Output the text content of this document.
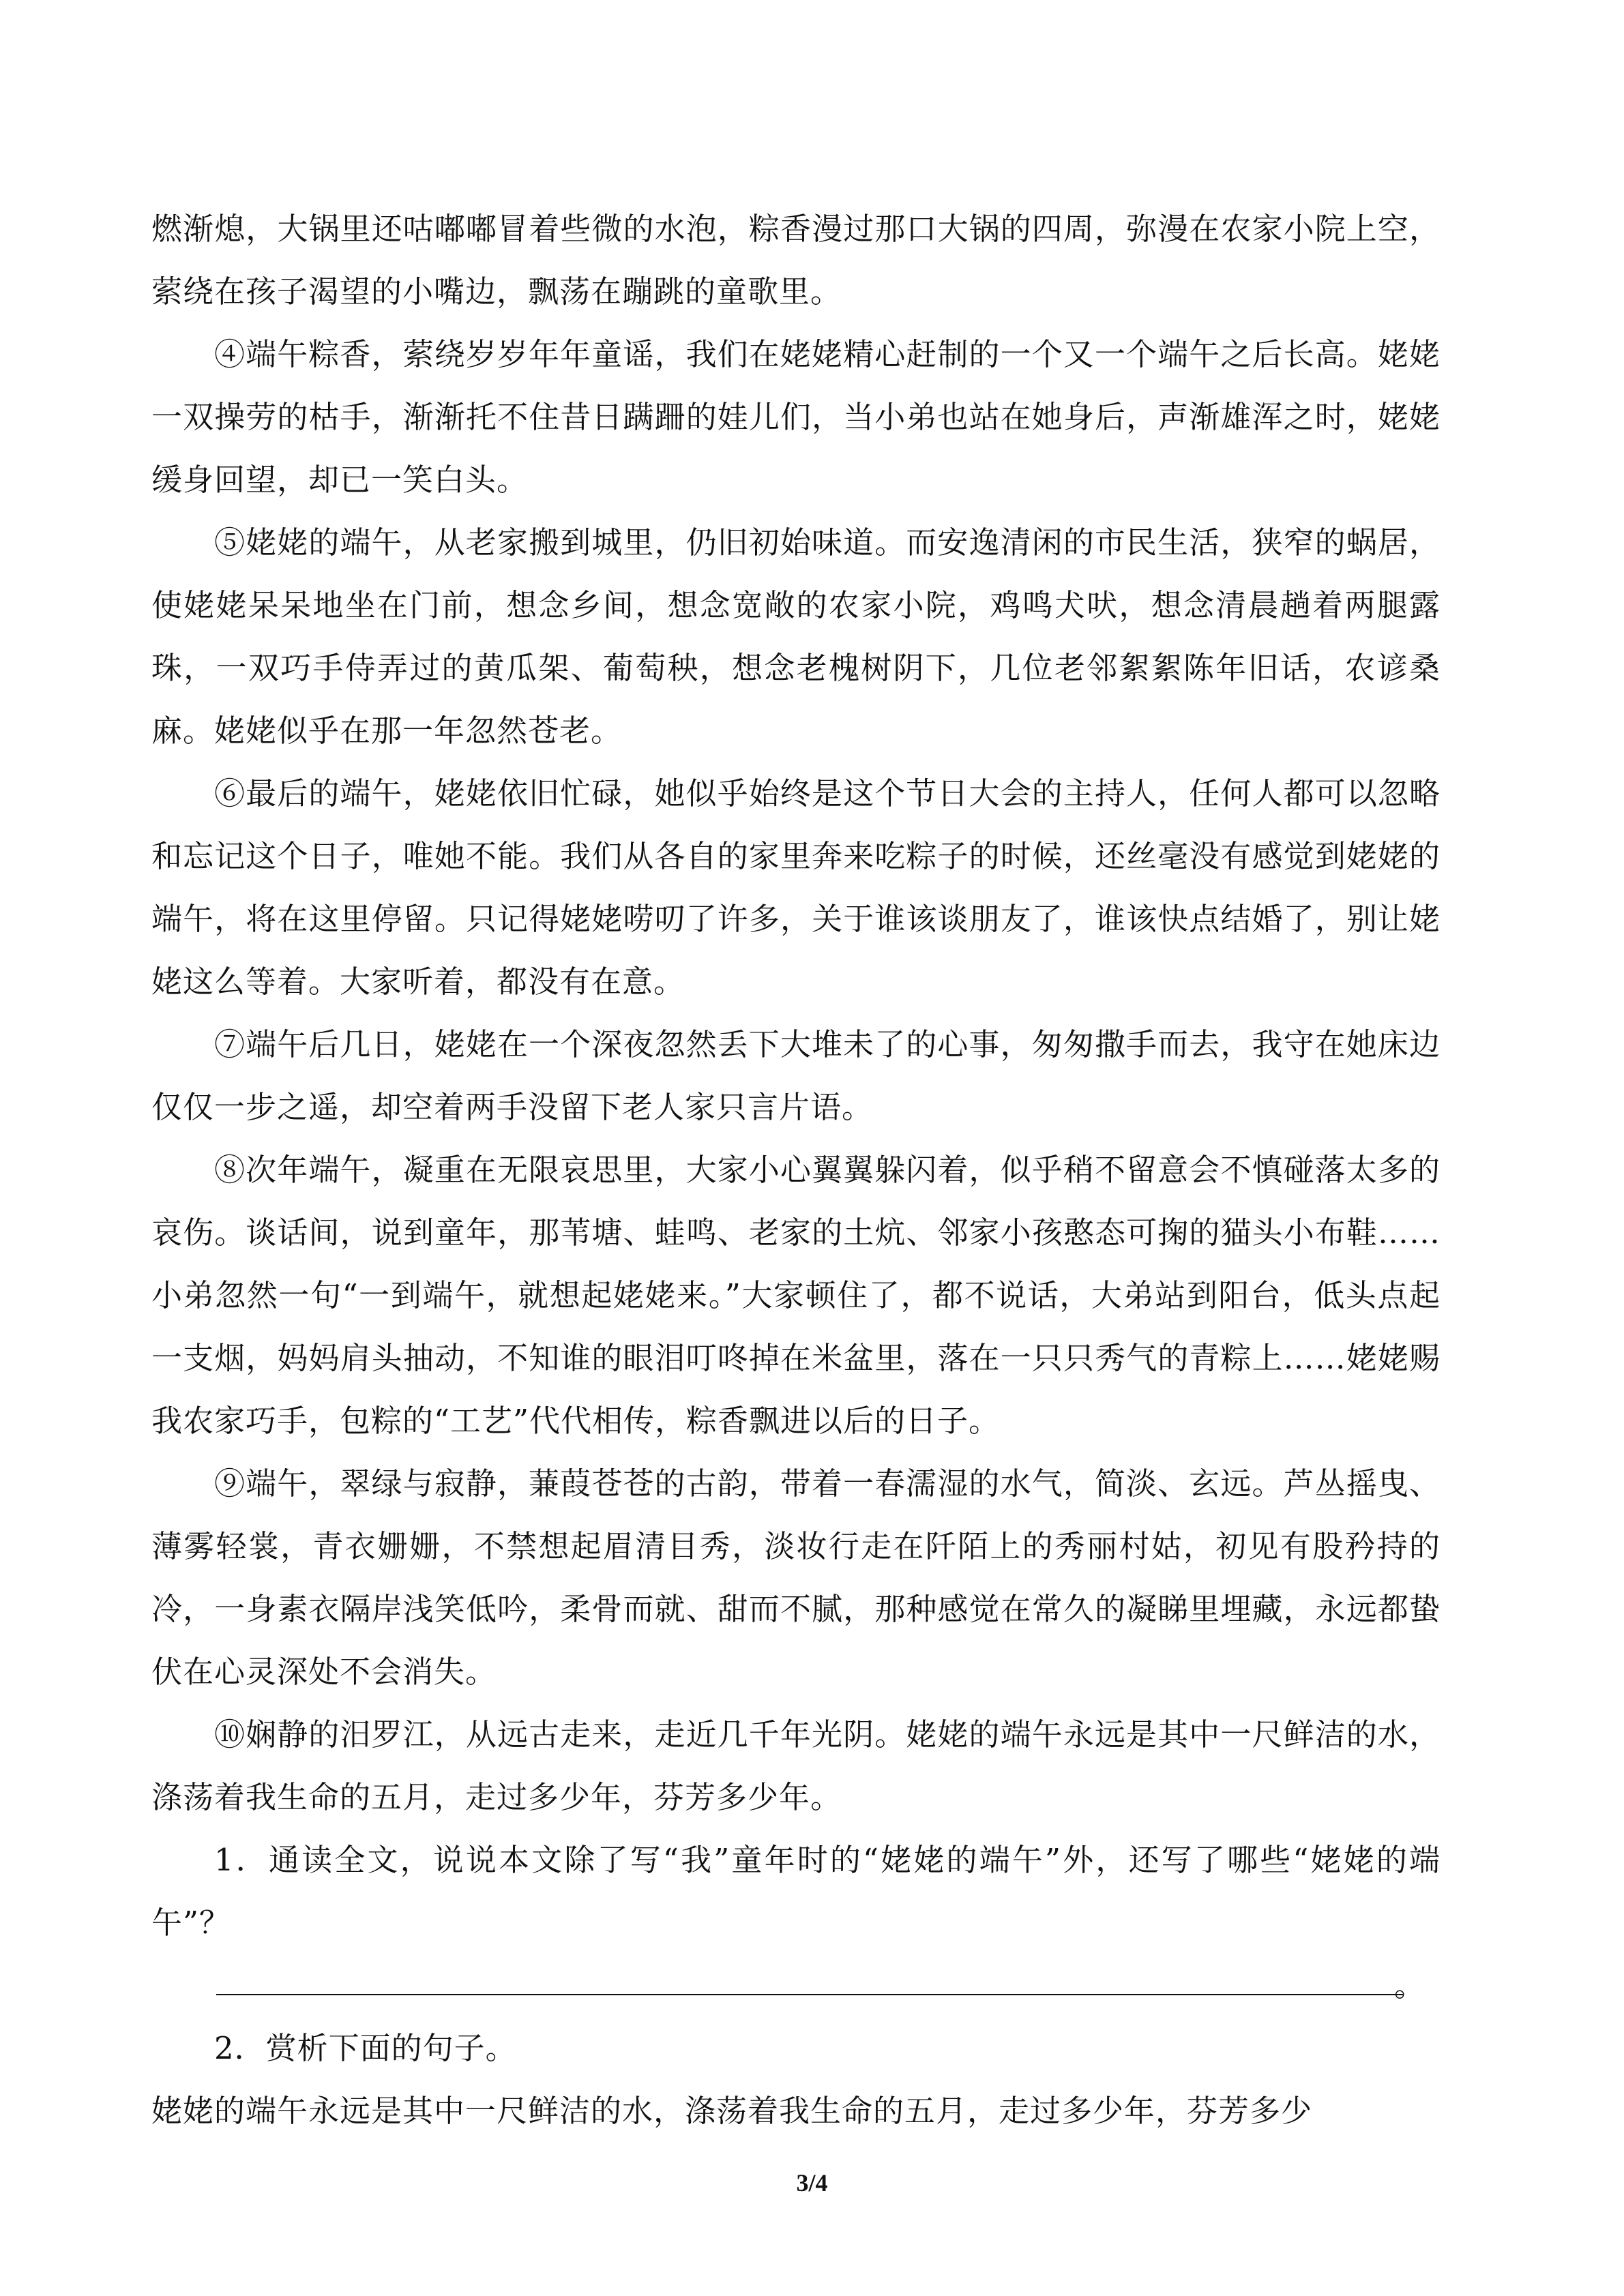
燃渐熄，大锅里还咕嘟嘟冒着些微的水泡，粽香漫过那口大锅的四周，弥漫在农家小院上空，萦绕在孩子渴望的小嘴边，飘荡在蹦跳的童歌里。

④端午粽香，萦绕岁岁年年童谣，我们在姥姥精心赶制的一个又一个端午之后长高。姥姥一双操劳的枯手，渐渐托不住昔日蹒跚的娃儿们，当小弟也站在她身后，声渐雄浑之时，姥姥缓身回望，却已一笑白头。

⑤姥姥的端午，从老家搬到城里，仍旧初始味道。而安逸清闲的市民生活，狭窄的蜗居，使姥姥呆呆地坐在门前，想念乡间，想念宽敞的农家小院，鸡鸣犬吠，想念清晨趟着两腿露珠，一双巧手侍弄过的黄瓜架、葡萄秧，想念老槐树阴下，几位老邻絮絮陈年旧话，农谚桑麻。姥姥似乎在那一年忽然苍老。

⑥最后的端午，姥姥依旧忙碌，她似乎始终是这个节日大会的主持人，任何人都可以忽略和忘记这个日子，唯她不能。我们从各自的家里奔来吃粽子的时候，还丝毫没有感觉到姥姥的端午，将在这里停留。只记得姥姥唠叨了许多，关于谁该谈朋友了，谁该快点结婚了，别让姥姥这么等着。大家听着，都没有在意。

⑦端午后几日，姥姥在一个深夜忽然丢下大堆未了的心事，匆匆撒手而去，我守在她床边仅仅一步之遥，却空着两手没留下老人家只言片语。

⑧次年端午，凝重在无限哀思里，大家小心翼翼躲闪着，似乎稍不留意会不慎碰落太多的哀伤。谈话间，说到童年，那苇塘、蛙鸣、老家的土炕、邻家小孩憨态可掬的猫头小布鞋……小弟忽然一句“一到端午，就想起姥姥来。”大家顿住了，都不说话，大弟站到阳台，低头点起一支烟，妈妈肩头抽动，不知谁的眼泪叮咚掉在米盆里，落在一只只秀气的青粽上……姥姥赐我农家巧手，包粽的“工艺”代代相传，粽香飘进以后的日子。

⑨端午，翠绿与寂静，蒹葭苍苍的古韵，带着一春濡湿的水气，简淡、玄远。芦丛摇曳、薄雾轻裳，青衣姗姗，不禁想起眉清目秀，淡妆行走在阡陌上的秀丽村姑，初见有股矜持的冷，一身素衣隔岸浅笑低吟，柔骨而就、甜而不腻，那种感觉在常久的凝睇里埋藏，永远都蛰伏在心灵深处不会消失。

⑩娴静的汨罗江，从远古走来，走近几千年光阴。姥姥的端午永远是其中一尺鲜洁的水，涤荡着我生命的五月，走过多少年，芬芳多少年。

1．通读全文，说说本文除了写“我”童年时的“姥姥的端午”外，还写了哪些“姥姥的端午”？

。

2．赏析下面的句子。

姥姥的端午永远是其中一尺鲜洁的水，涤荡着我生命的五月，走过多少年，芬芳多少

3/4
